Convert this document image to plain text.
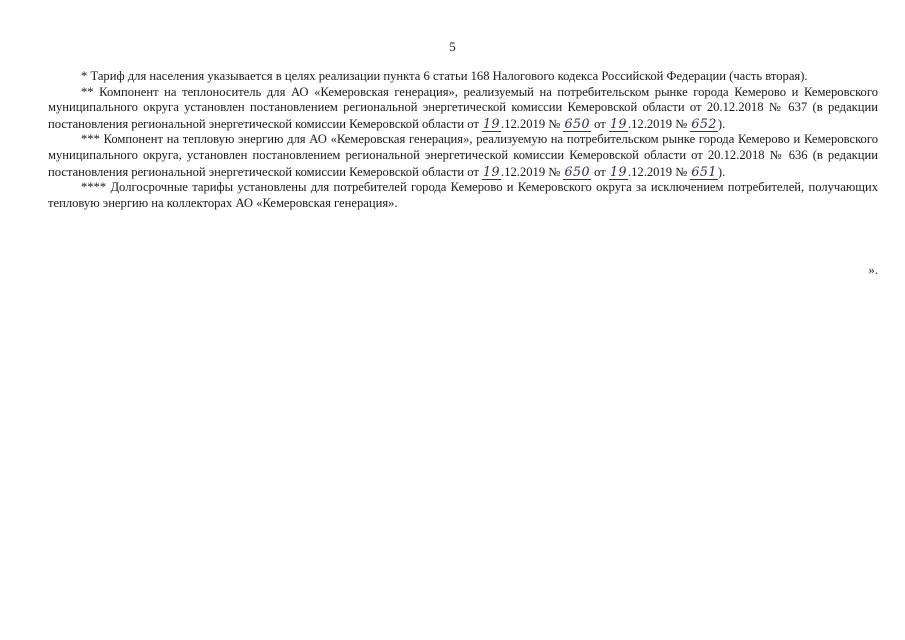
5

* Тариф для населения указывается в целях реализации пункта 6 статьи 168 Налогового кодекса Российской Федерации (часть вторая).

** Компонент на теплоноситель для АО «Кемеровская генерация», реализуемый на потребительском рынке города Кемерово и Кемеровского муниципального округа установлен постановлением региональной энергетической комиссии Кемеровской области от 20.12.2018 № 637 (в редакции постановления региональной энергетической комиссии Кемеровской области от 19.12.2019 № 650 от 19.12.2019 № 652).

*** Компонент на тепловую энергию для АО «Кемеровская генерация», реализуемую на потребительском рынке города Кемерово и Кемеровского муниципального округа, установлен постановлением региональной энергетической комиссии Кемеровской области от 20.12.2018 № 636 (в редакции постановления региональной энергетической комиссии Кемеровской области от 19.12.2019 № 650 от 19.12.2019 № 651).

**** Долгосрочные тарифы установлены для потребителей города Кемерово и Кемеровского округа за исключением потребителей, получающих тепловую энергию на коллекторах АО «Кемеровская генерация».

».
